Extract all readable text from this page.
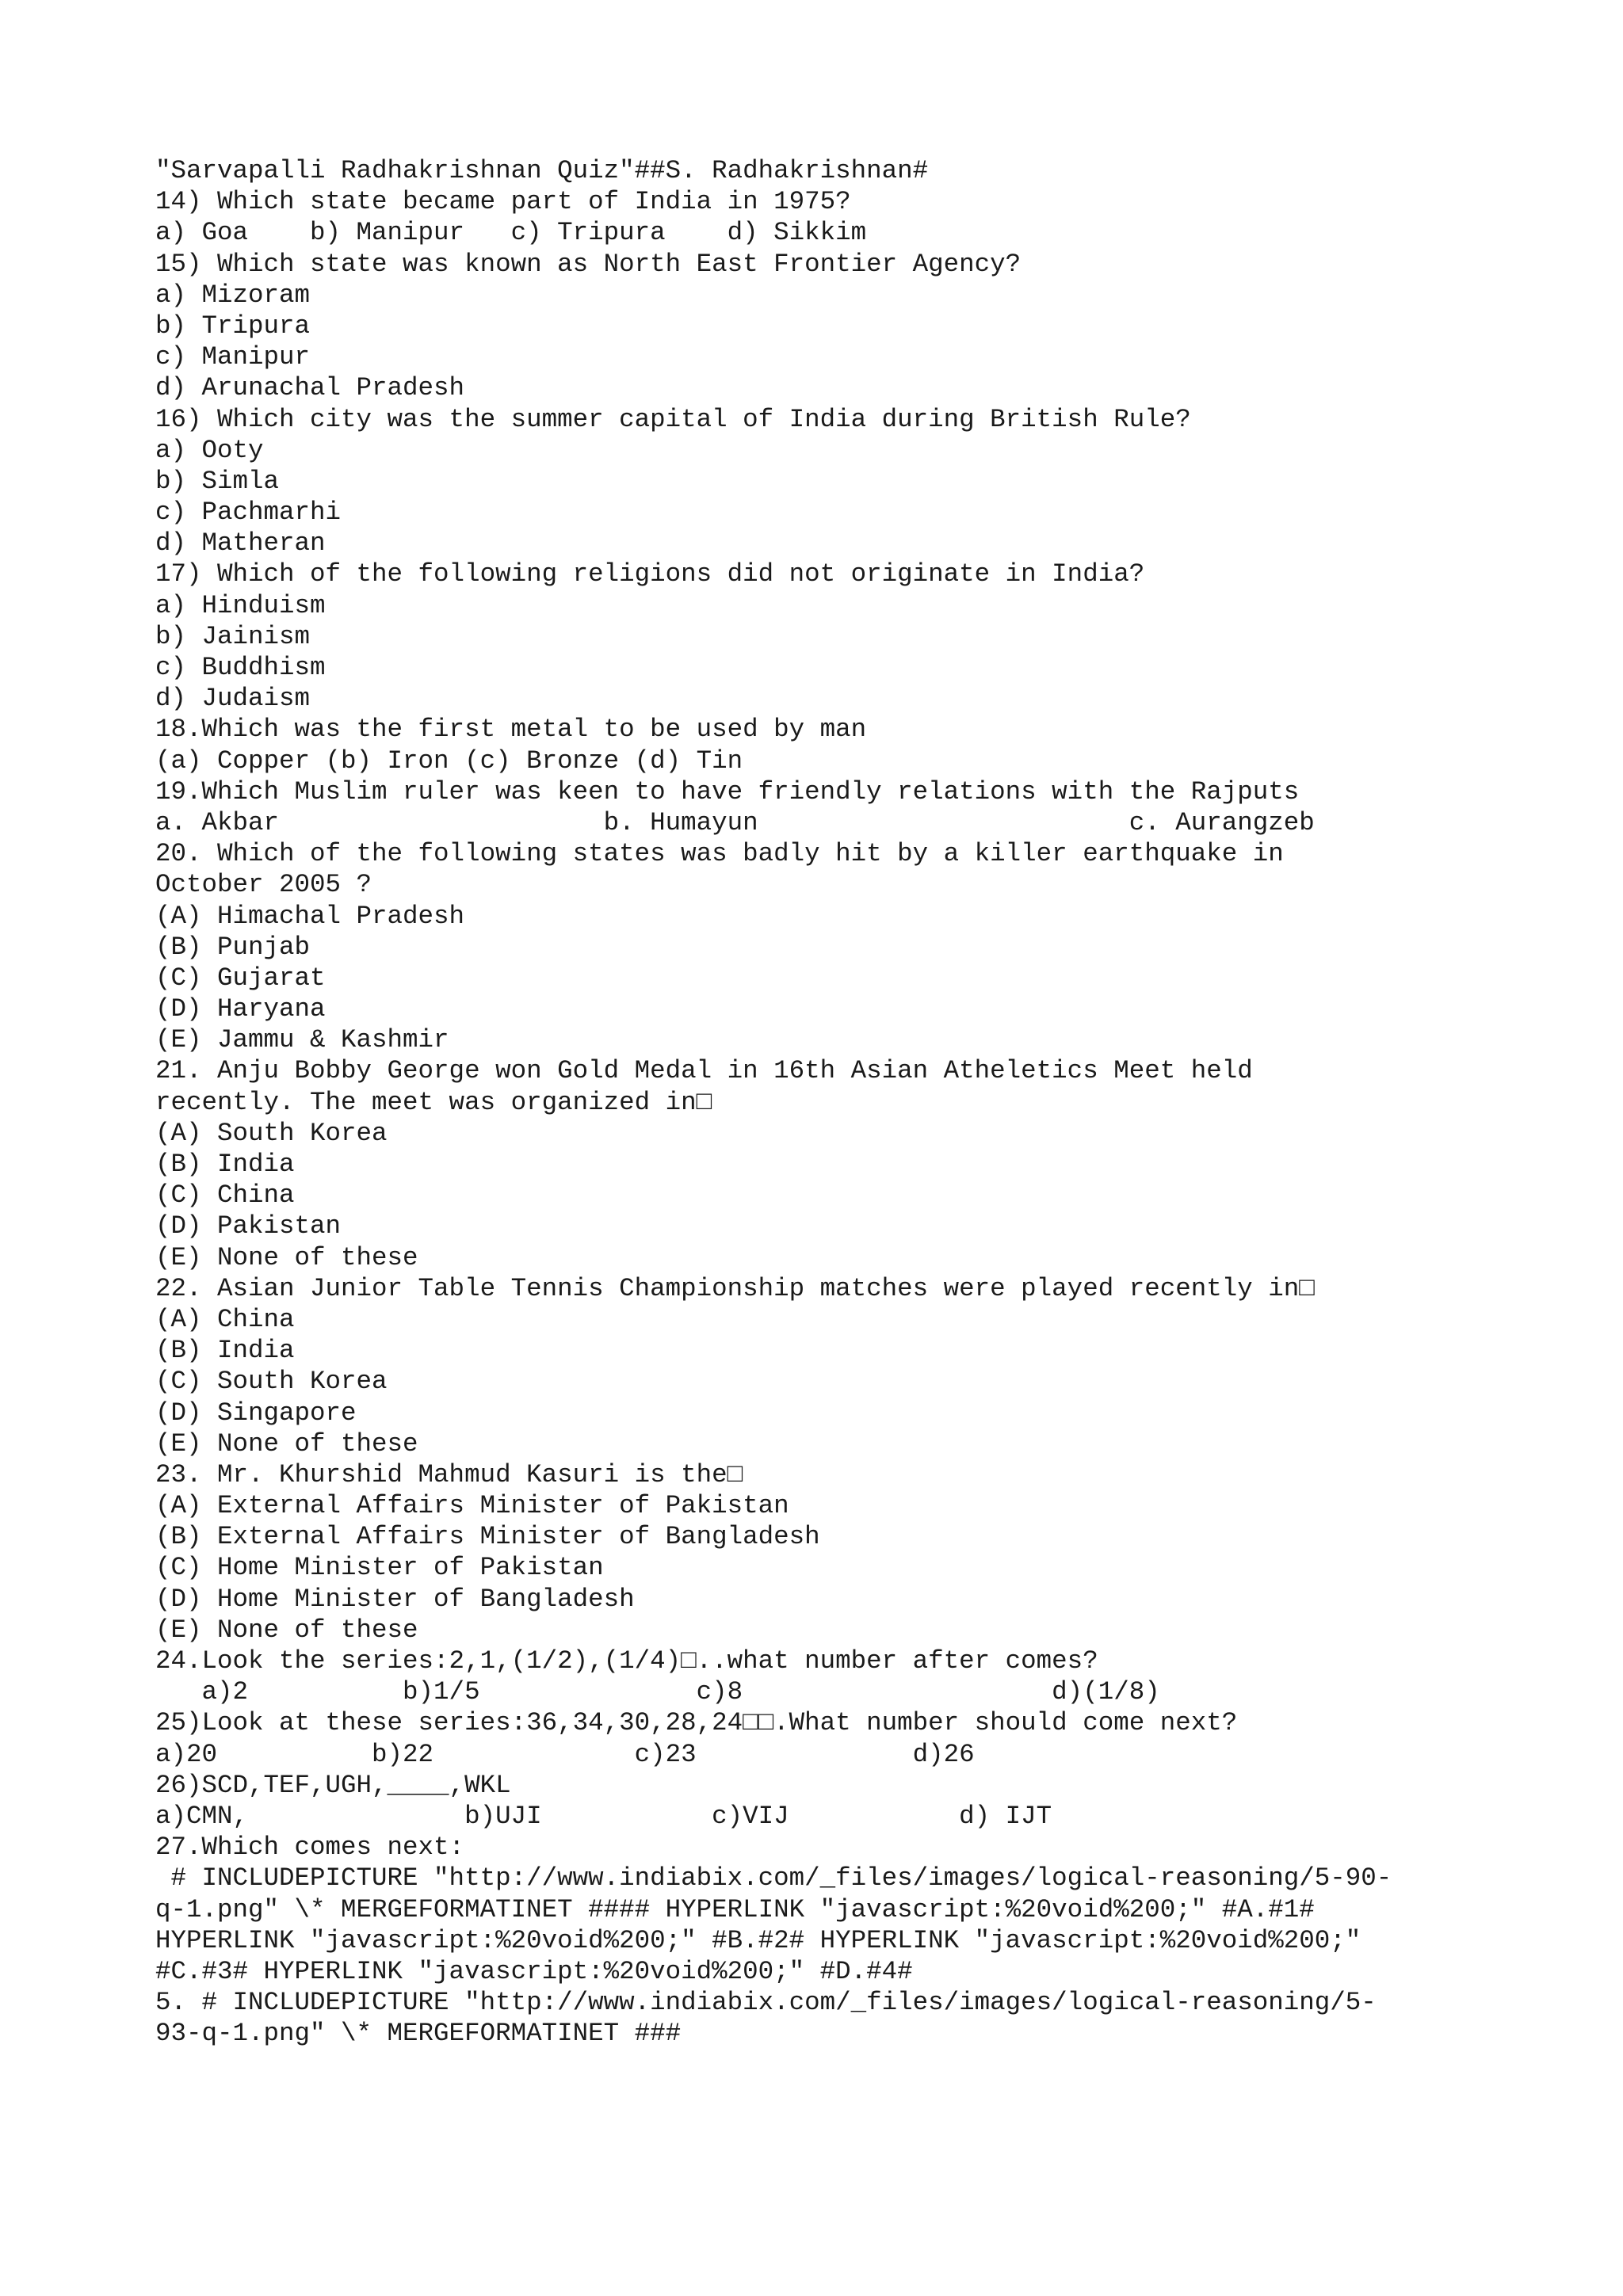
"Sarvapalli Radhakrishnan Quiz"##S. Radhakrishnan#
14) Which state became part of India in 1975?
a) Goa    b) Manipur   c) Tripura    d) Sikkim
15) Which state was known as North East Frontier Agency?
a) Mizoram
b) Tripura
c) Manipur
d) Arunachal Pradesh
16) Which city was the summer capital of India during British Rule?
a) Ooty
b) Simla
c) Pachmarhi
d) Matheran
17) Which of the following religions did not originate in India?
a) Hinduism
b) Jainism
c) Buddhism
d) Judaism
18.Which was the first metal to be used by man
(a) Copper (b) Iron (c) Bronze (d) Tin
19.Which Muslim ruler was keen to have friendly relations with the Rajputs
a. Akbar                     b. Humayun                        c. Aurangzeb
20. Which of the following states was badly hit by a killer earthquake in
October 2005 ?
(A) Himachal Pradesh
(B) Punjab
(C) Gujarat
(D) Haryana
(E) Jammu & Kashmir
21. Anju Bobby George won Gold Medal in 16th Asian Atheletics Meet held
recently. The meet was organized in□
(A) South Korea
(B) India
(C) China
(D) Pakistan
(E) None of these
22. Asian Junior Table Tennis Championship matches were played recently in□
(A) China
(B) India
(C) South Korea
(D) Singapore
(E) None of these
23. Mr. Khurshid Mahmud Kasuri is the□
(A) External Affairs Minister of Pakistan
(B) External Affairs Minister of Bangladesh
(C) Home Minister of Pakistan
(D) Home Minister of Bangladesh
(E) None of these
24.Look the series:2,1,(1/2),(1/4)□..what number after comes?
a)2          b)1/5              c)8                    d)(1/8)
25)Look at these series:36,34,30,28,24□□.What number should come next?
a)20          b)22             c)23              d)26
26)SCD,TEF,UGH,____,WKL
a)CMN,              b)UJI           c)VIJ           d) IJT
27.Which comes next:
# INCLUDEPICTURE "http://www.indiabix.com/_files/images/logical-reasoning/5-90-
q-1.png" \* MERGEFORMATINET #### HYPERLINK "javascript:%20void%200;" #A.#1#
HYPERLINK "javascript:%20void%200;" #B.#2# HYPERLINK "javascript:%20void%200;"
#C.#3# HYPERLINK "javascript:%20void%200;" #D.#4#
5. # INCLUDEPICTURE "http://www.indiabix.com/_files/images/logical-reasoning/5-
93-q-1.png" \* MERGEFORMATINET ###
